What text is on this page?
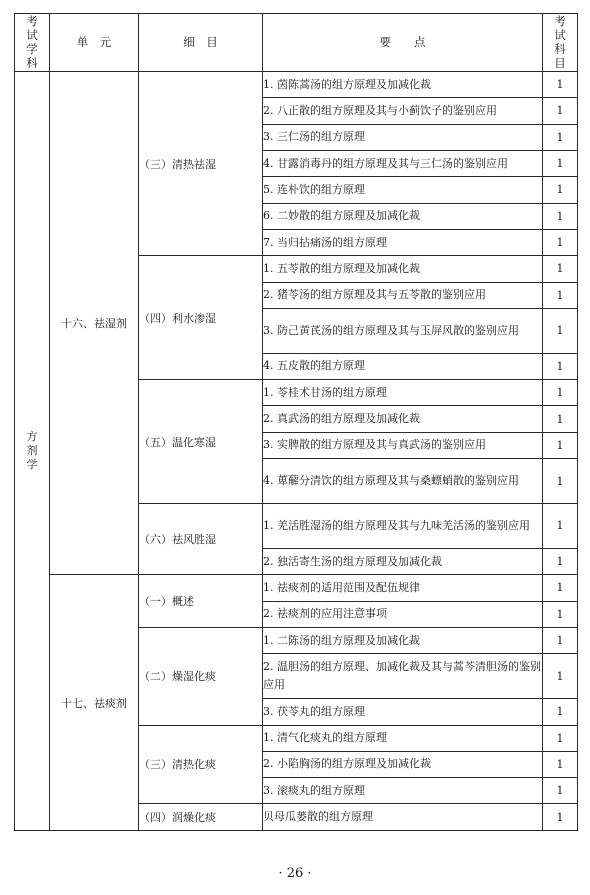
考试学科	单　元	细　目	要　　点	考试科目
方剂学	十六、祛湿剂	（三）清热祛湿	1. 茵陈蒿汤的组方原理及加减化裁	1
			2. 八正散的组方原理及其与小蓟饮子的鉴别应用	1
			3. 三仁汤的组方原理	1
			4. 甘露消毒丹的组方原理及其与三仁汤的鉴别应用	1
			5. 连朴饮的组方原理	1
			6. 二妙散的组方原理及加减化裁	1
			7. 当归拈痛汤的组方原理	1
		（四）利水渗湿	1. 五苓散的组方原理及加减化裁	1
			2. 猪苓汤的组方原理及其与五苓散的鉴别应用	1
			3. 防己黄芪汤的组方原理及其与玉屏风散的鉴别应用	1
			4. 五皮散的组方原理	1
		（五）温化寒湿	1. 苓桂术甘汤的组方原理	1
			2. 真武汤的组方原理及加减化裁	1
			3. 实脾散的组方原理及其与真武汤的鉴别应用	1
			4. 萆薢分清饮的组方原理及其与桑螵蛸散的鉴别应用	1
		（六）祛风胜湿	1. 羌活胜湿汤的组方原理及其与九味羌活汤的鉴别应用	1
			2. 独活寄生汤的组方原理及加减化裁	1
	十七、祛痰剂	（一）概述	1. 祛痰剂的适用范围及配伍规律	1
			2. 祛痰剂的应用注意事项	1
		（二）燥湿化痰	1. 二陈汤的组方原理及加减化裁	1
			2. 温胆汤的组方原理、加减化裁及其与蒿芩清胆汤的鉴别应用	1
			3. 茯苓丸的组方原理	1
		（三）清热化痰	1. 清气化痰丸的组方原理	1
			2. 小陷胸汤的组方原理及加减化裁	1
			3. 滚痰丸的组方原理	1
		（四）润燥化痰	贝母瓜蒌散的组方原理	1
· 26 ·
